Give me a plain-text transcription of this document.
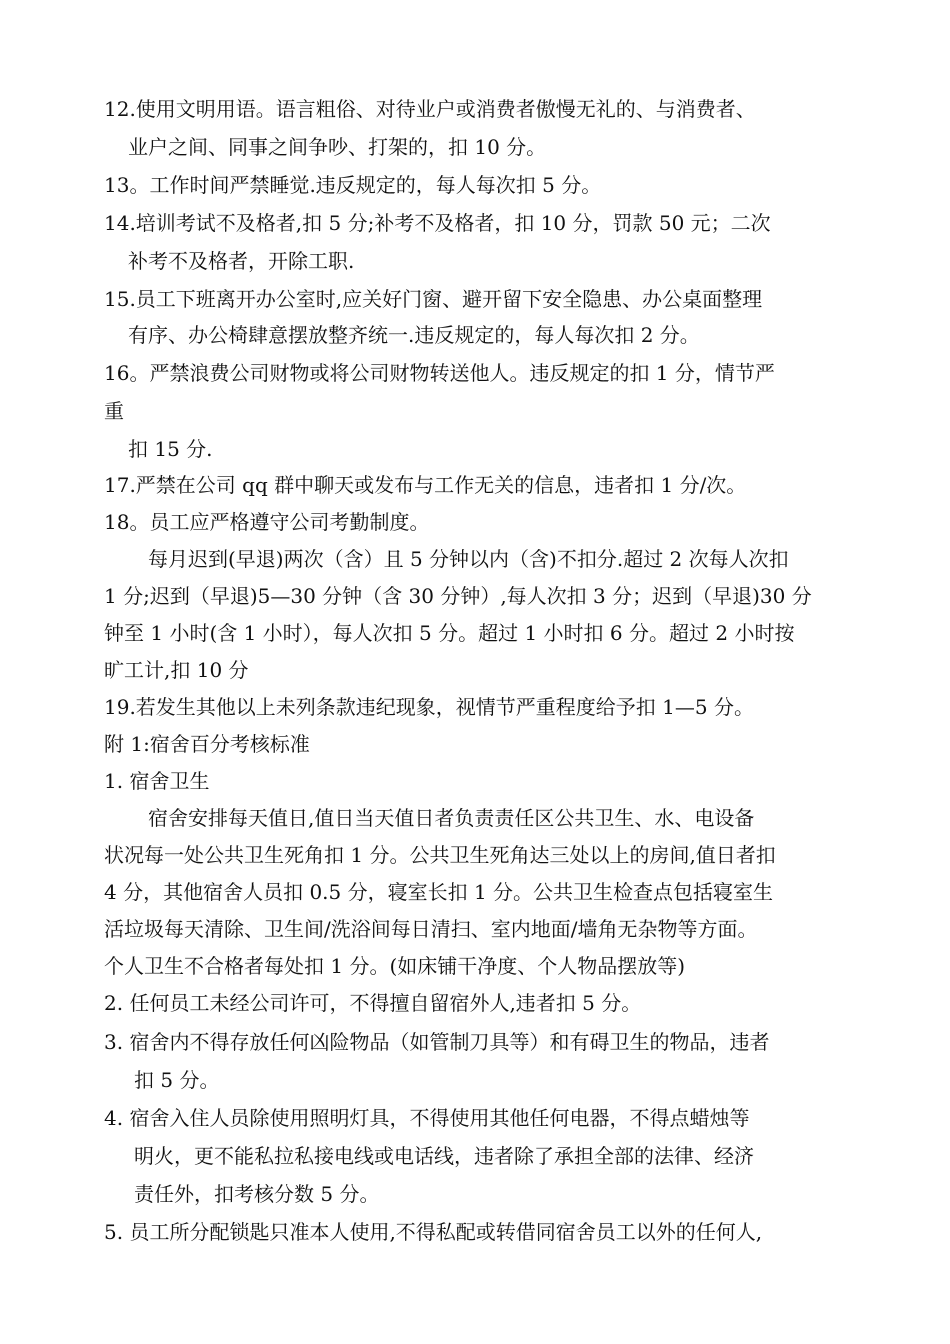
12.使用文明用语。语言粗俗、对待业户或消费者傲慢无礼的、与消费者、
业户之间、同事之间争吵、打架的，扣 10 分。
13。工作时间严禁睡觉.违反规定的，每人每次扣 5 分。
14.培训考试不及格者,扣 5 分;补考不及格者，扣 10 分，罚款 50 元；二次
补考不及格者，开除工职.
15.员工下班离开办公室时,应关好门窗、避开留下安全隐患、办公桌面整理
有序、办公椅肆意摆放整齐统一.违反规定的，每人每次扣 2 分。
16。严禁浪费公司财物或将公司财物转送他人。违反规定的扣 1 分，情节严
重
扣 15 分.
17.严禁在公司 qq 群中聊天或发布与工作无关的信息，违者扣 1 分/次。
18。员工应严格遵守公司考勤制度。
每月迟到(早退)两次（含）且 5 分钟以内（含)不扣分.超过 2 次每人次扣
1 分;迟到（早退)5—30 分钟（含 30 分钟）,每人次扣 3 分；迟到（早退)30 分
钟至 1 小时(含 1 小时），每人次扣 5 分。超过 1 小时扣 6 分。超过 2 小时按
旷工计,扣 10 分
19.若发生其他以上未列条款违纪现象，视情节严重程度给予扣 1—5 分。
附 1:宿舍百分考核标准
1. 宿舍卫生
宿舍安排每天值日,值日当天值日者负责责任区公共卫生、水、电设备
状况每一处公共卫生死角扣 1 分。公共卫生死角达三处以上的房间,值日者扣
4 分，其他宿舍人员扣 0.5 分，寝室长扣 1 分。公共卫生检查点包括寝室生
活垃圾每天清除、卫生间/洗浴间每日清扫、室内地面/墙角无杂物等方面。
个人卫生不合格者每处扣 1 分。(如床铺干净度、个人物品摆放等)
2. 任何员工未经公司许可，不得擅自留宿外人,违者扣 5 分。
3. 宿舍内不得存放任何凶险物品（如管制刀具等）和有碍卫生的物品，违者
扣 5 分。
4. 宿舍入住人员除使用照明灯具，不得使用其他任何电器，不得点蜡烛等
明火，更不能私拉私接电线或电话线，违者除了承担全部的法律、经济
责任外，扣考核分数 5 分。
5. 员工所分配锁匙只准本人使用,不得私配或转借同宿舍员工以外的任何人,
